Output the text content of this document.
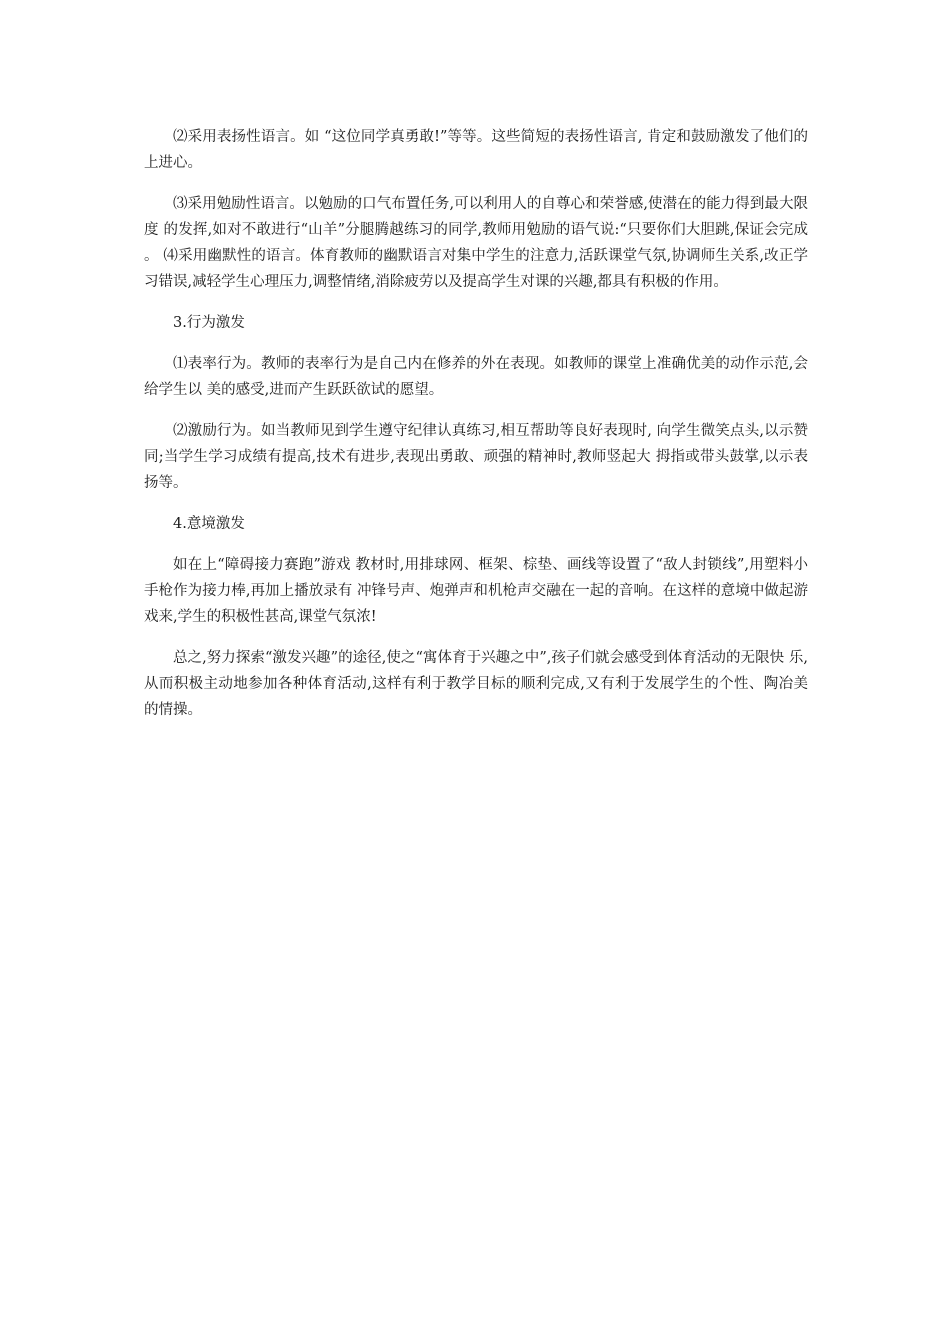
⑵采用表扬性语言。如 “这位同学真勇敢!”等等。这些简短的表扬性语言, 肯定和鼓励激发了他们的上进心。

⑶采用勉励性语言。以勉励的口气布置任务,可以利用人的自尊心和荣誉感,使潜在的能力得到最大限度 的发挥,如对不敢进行“山羊”分腿腾越练习的同学,教师用勉励的语气说:“只要你们大胆跳,保证会完成 。 ⑷采用幽默性的语言。体育教师的幽默语言对集中学生的注意力,活跃课堂气氛,协调师生关系,改正学 习错误,减轻学生心理压力,调整情绪,消除疲劳以及提高学生对课的兴趣,都具有积极的作用。

3.行为激发

⑴表率行为。教师的表率行为是自己内在修养的外在表现。如教师的课堂上准确优美的动作示范,会给学生以 美的感受,进而产生跃跃欲试的愿望。

⑵激励行为。如当教师见到学生遵守纪律认真练习,相互帮助等良好表现时, 向学生微笑点头,以示赞同;当学生学习成绩有提高,技术有进步,表现出勇敢、顽强的精神时,教师竖起大 拇指或带头鼓掌,以示表扬等。

4.意境激发

如在上“障碍接力赛跑”游戏 教材时,用排球网、框架、棕垫、画线等设置了“敌人封锁线”,用塑料小手枪作为接力棒,再加上播放录有 冲锋号声、炮弹声和机枪声交融在一起的音响。在这样的意境中做起游戏来,学生的积极性甚高,课堂气氛浓!

总之,努力探索“激发兴趣”的途径,使之“寓体育于兴趣之中”,孩子们就会感受到体育活动的无限快 乐,从而积极主动地参加各种体育活动,这样有利于教学目标的顺利完成,又有利于发展学生的个性、陶冶美 的情操。
